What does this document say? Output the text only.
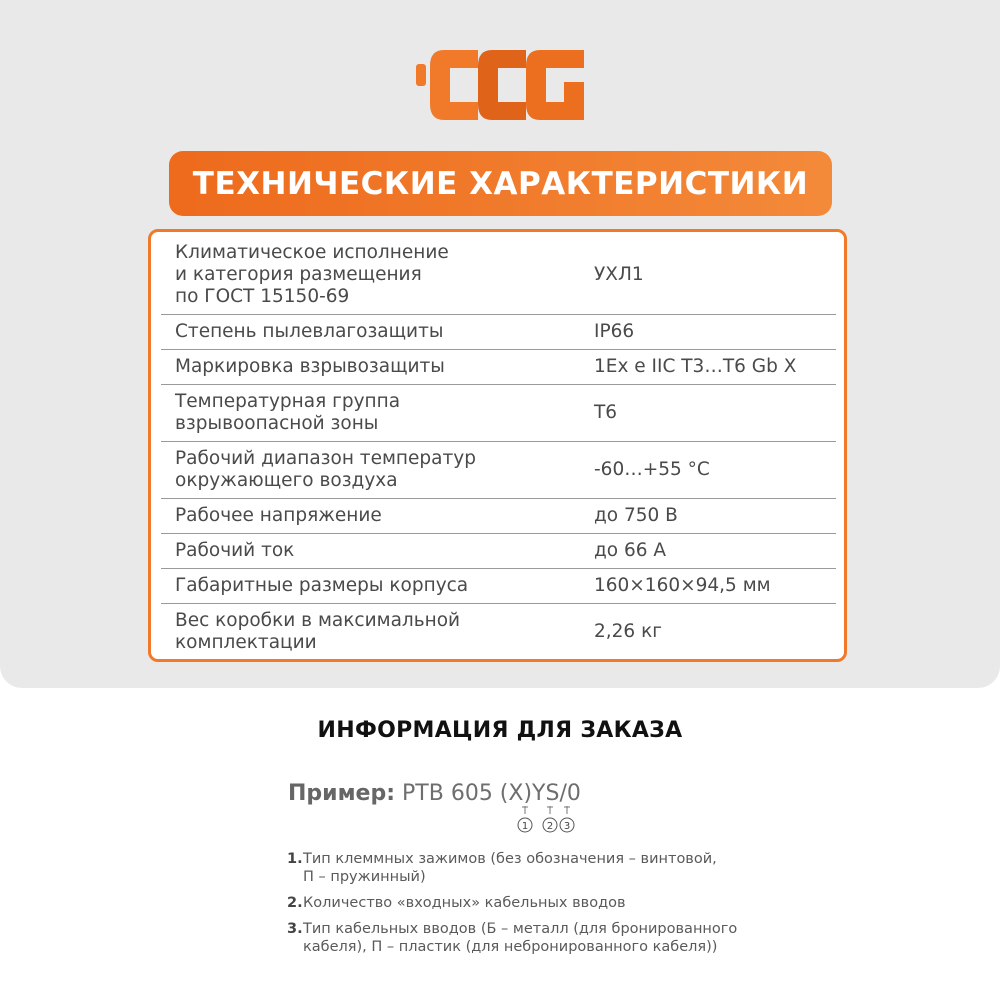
ТЕХНИЧЕСКИЕ ХАРАКТЕРИСТИКИ
Климатическое исполнение
и категория размещения
по ГОСТ 15150-69	УХЛ1
Степень пылевлагозащиты	IP66
Маркировка взрывозащиты	1Ex e IIC T3…T6 Gb X
Температурная группа
взрывоопасной зоны	Т6
Рабочий диапазон температур
окружающего воздуха	-60…+55 °С
Рабочее напряжение	до 750 В
Рабочий ток	до 66 А
Габаритные размеры корпуса	160×160×94,5 мм
Вес коробки в максимальной
комплектации	2,26 кг
ИНФОРМАЦИЯ ДЛЯ ЗАКАЗА
Пример: РТВ 605 (X)YS/0
1 2 3
1. Тип клеммных зажимов (без обозначения – винтовой,
П – пружинный)
2. Количество «входных» кабельных вводов
3. Тип кабельных вводов (Б – металл (для бронированного
кабеля), П – пластик (для небронированного кабеля))
